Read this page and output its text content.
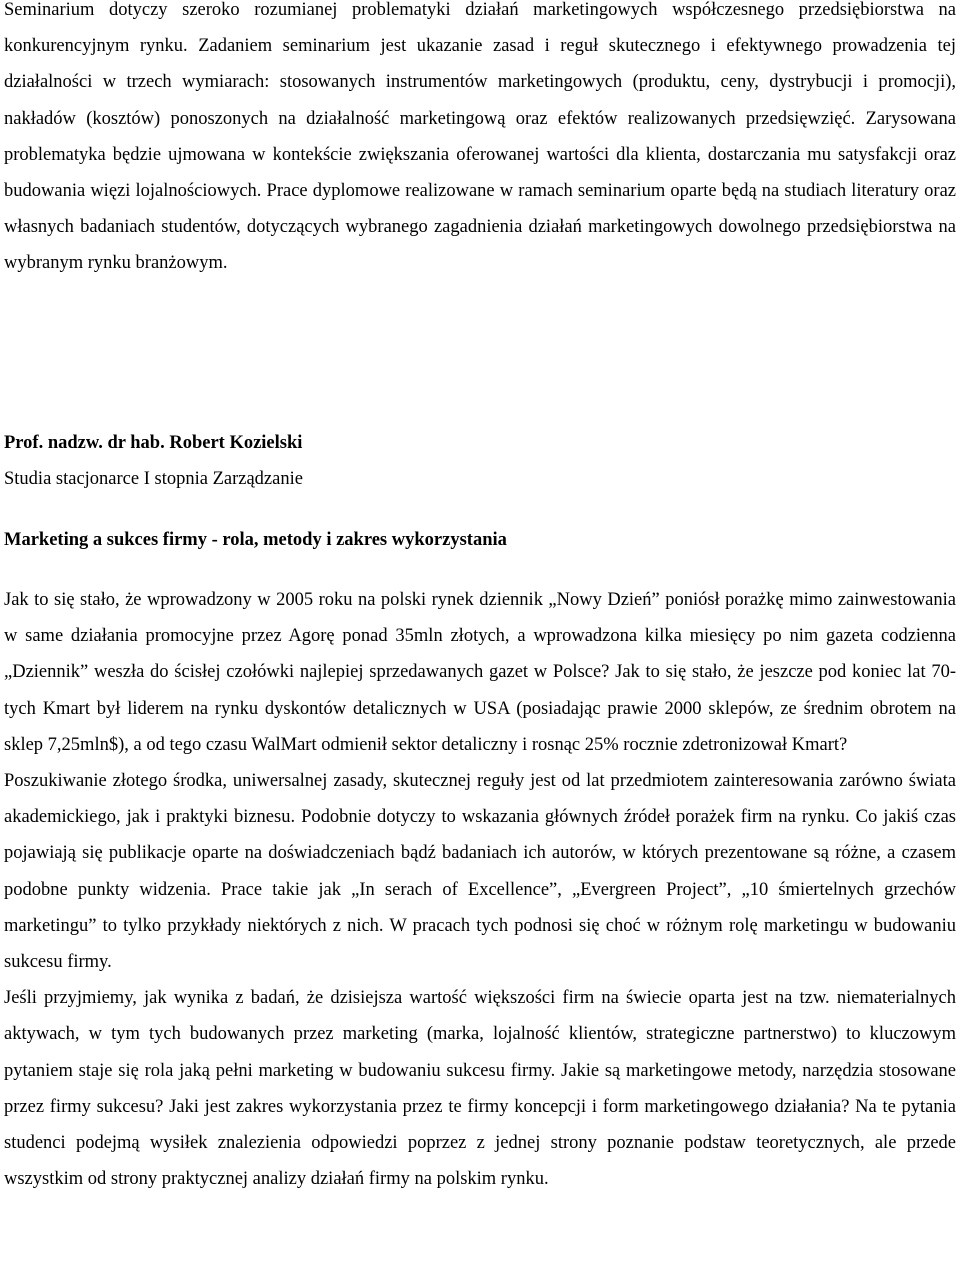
Seminarium dotyczy szeroko rozumianej problematyki działań marketingowych współczesnego przedsiębiorstwa na konkurencyjnym rynku. Zadaniem seminarium jest ukazanie zasad i reguł skutecznego i efektywnego prowadzenia tej działalności w trzech wymiarach: stosowanych instrumentów marketingowych (produktu, ceny, dystrybucji i promocji), nakładów (kosztów) ponoszonych na działalność marketingową oraz efektów realizowanych przedsięwzięć. Zarysowana problematyka będzie ujmowana w kontekście zwiększania oferowanej wartości dla klienta, dostarczania mu satysfakcji oraz budowania więzi lojalnościowych. Prace dyplomowe realizowane w ramach seminarium oparte będą na studiach literatury oraz własnych badaniach studentów, dotyczących wybranego zagadnienia działań marketingowych dowolnego przedsiębiorstwa na wybranym rynku branżowym.

Prof. nadzw. dr hab. Robert Kozielski
Studia stacjonarce I stopnia Zarządzanie
Marketing a sukces firmy - rola, metody i zakres wykorzystania

Jak to się stało, że wprowadzony w 2005 roku na polski rynek dziennik „Nowy Dzień” poniósł porażkę mimo zainwestowania w same działania promocyjne przez Agorę ponad 35mln złotych, a wprowadzona kilka miesięcy po nim gazeta codzienna „Dziennik” weszła do ścisłej czołówki najlepiej sprzedawanych gazet w Polsce? Jak to się stało, że jeszcze pod koniec lat 70-tych Kmart był liderem na rynku dyskontów detalicznych w USA (posiadając prawie 2000 sklepów, ze średnim obrotem na sklep 7,25mln$), a od tego czasu WalMart odmienił sektor detaliczny i rosnąc 25% rocznie zdetronizował Kmart?

Poszukiwanie złotego środka, uniwersalnej zasady, skutecznej reguły jest od lat przedmiotem zainteresowania zarówno świata akademickiego, jak i praktyki biznesu. Podobnie dotyczy to wskazania głównych źródeł porażek firm na rynku. Co jakiś czas pojawiają się publikacje oparte na doświadczeniach bądź badaniach ich autorów, w których prezentowane są różne, a czasem podobne punkty widzenia. Prace takie jak „In serach of Excellence”, „Evergreen Project”, „10 śmiertelnych grzechów marketingu” to tylko przykłady niektórych z nich. W pracach tych podnosi się choć w różnym rolę marketingu w budowaniu sukcesu firmy.

Jeśli przyjmiemy, jak wynika z badań, że dzisiejsza wartość większości firm na świecie oparta jest na tzw. niematerialnych aktywach, w tym tych budowanych przez marketing (marka, lojalność klientów, strategiczne partnerstwo) to kluczowym pytaniem staje się rola jaką pełni marketing w budowaniu sukcesu firmy. Jakie są marketingowe metody, narzędzia stosowane przez firmy sukcesu? Jaki jest zakres wykorzystania przez te firmy koncepcji i form marketingowego działania? Na te pytania studenci podejmą wysiłek znalezienia odpowiedzi poprzez z jednej strony poznanie podstaw teoretycznych, ale przede wszystkim od strony praktycznej analizy działań firmy na polskim rynku.
